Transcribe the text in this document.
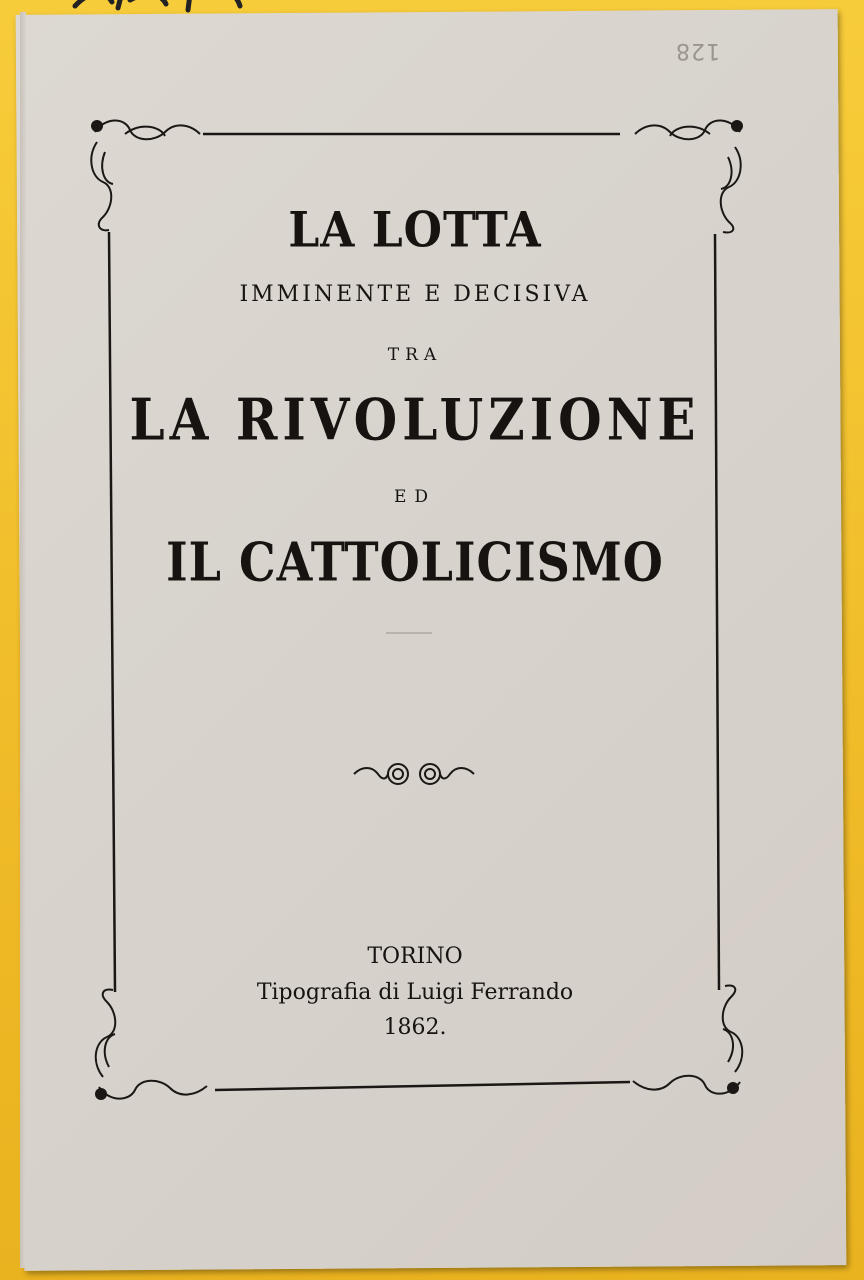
128

LA LOTTA

IMMINENTE E DECISIVA

TRA

LA RIVOLUZIONE

ED

IL CATTOLICISMO

TORINO

Tipografia di Luigi Ferrando

1862.
